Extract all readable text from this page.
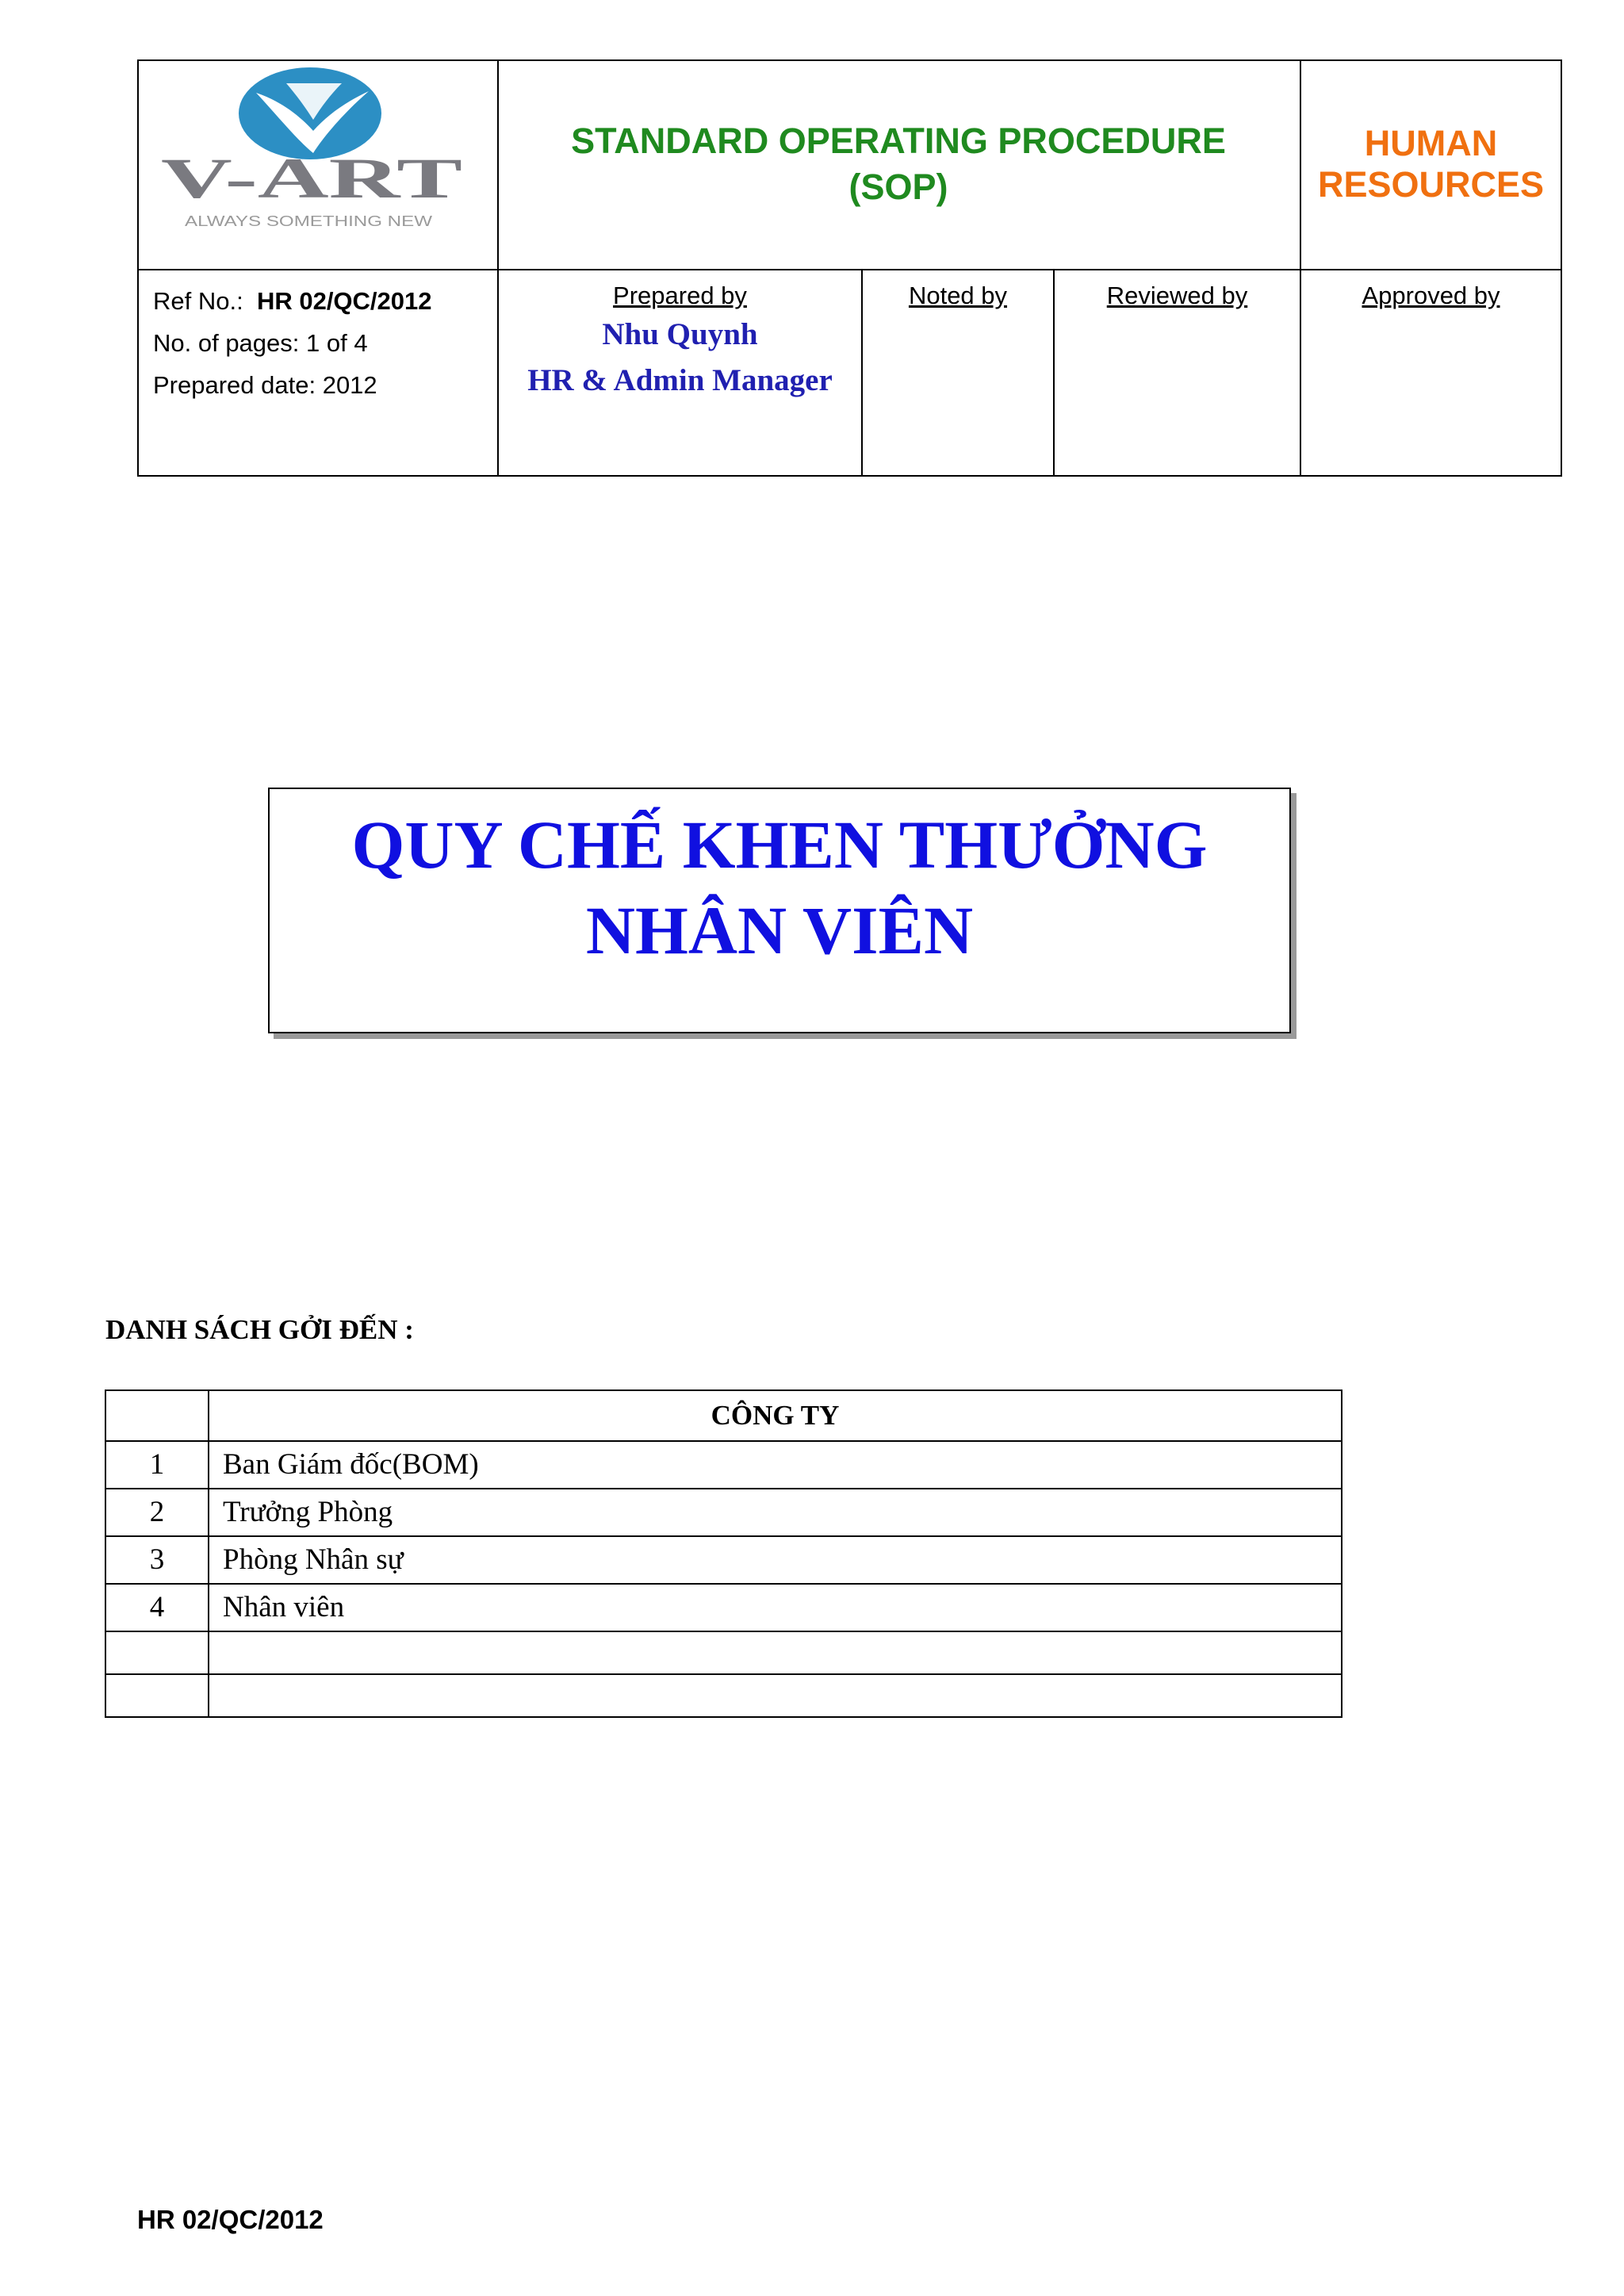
V-ART
ALWAYS SOMETHING NEW
STANDARD OPERATING PROCEDURE
(SOP)
HUMAN
RESOURCES
Ref No.: HR 02/QC/2012
No. of pages: 1 of 4
Prepared date: 2012
Prepared by
Nhu Quynh
HR & Admin Manager
Noted by	Reviewed by	Approved by
QUY CHẾ KHEN THƯỞNG
NHÂN VIÊN
DANH SÁCH GỞI ĐẾN :
	CÔNG TY
1	Ban Giám đốc(BOM)
2	Trưởng Phòng
3	Phòng Nhân sự
4	Nhân viên

HR 02/QC/2012
